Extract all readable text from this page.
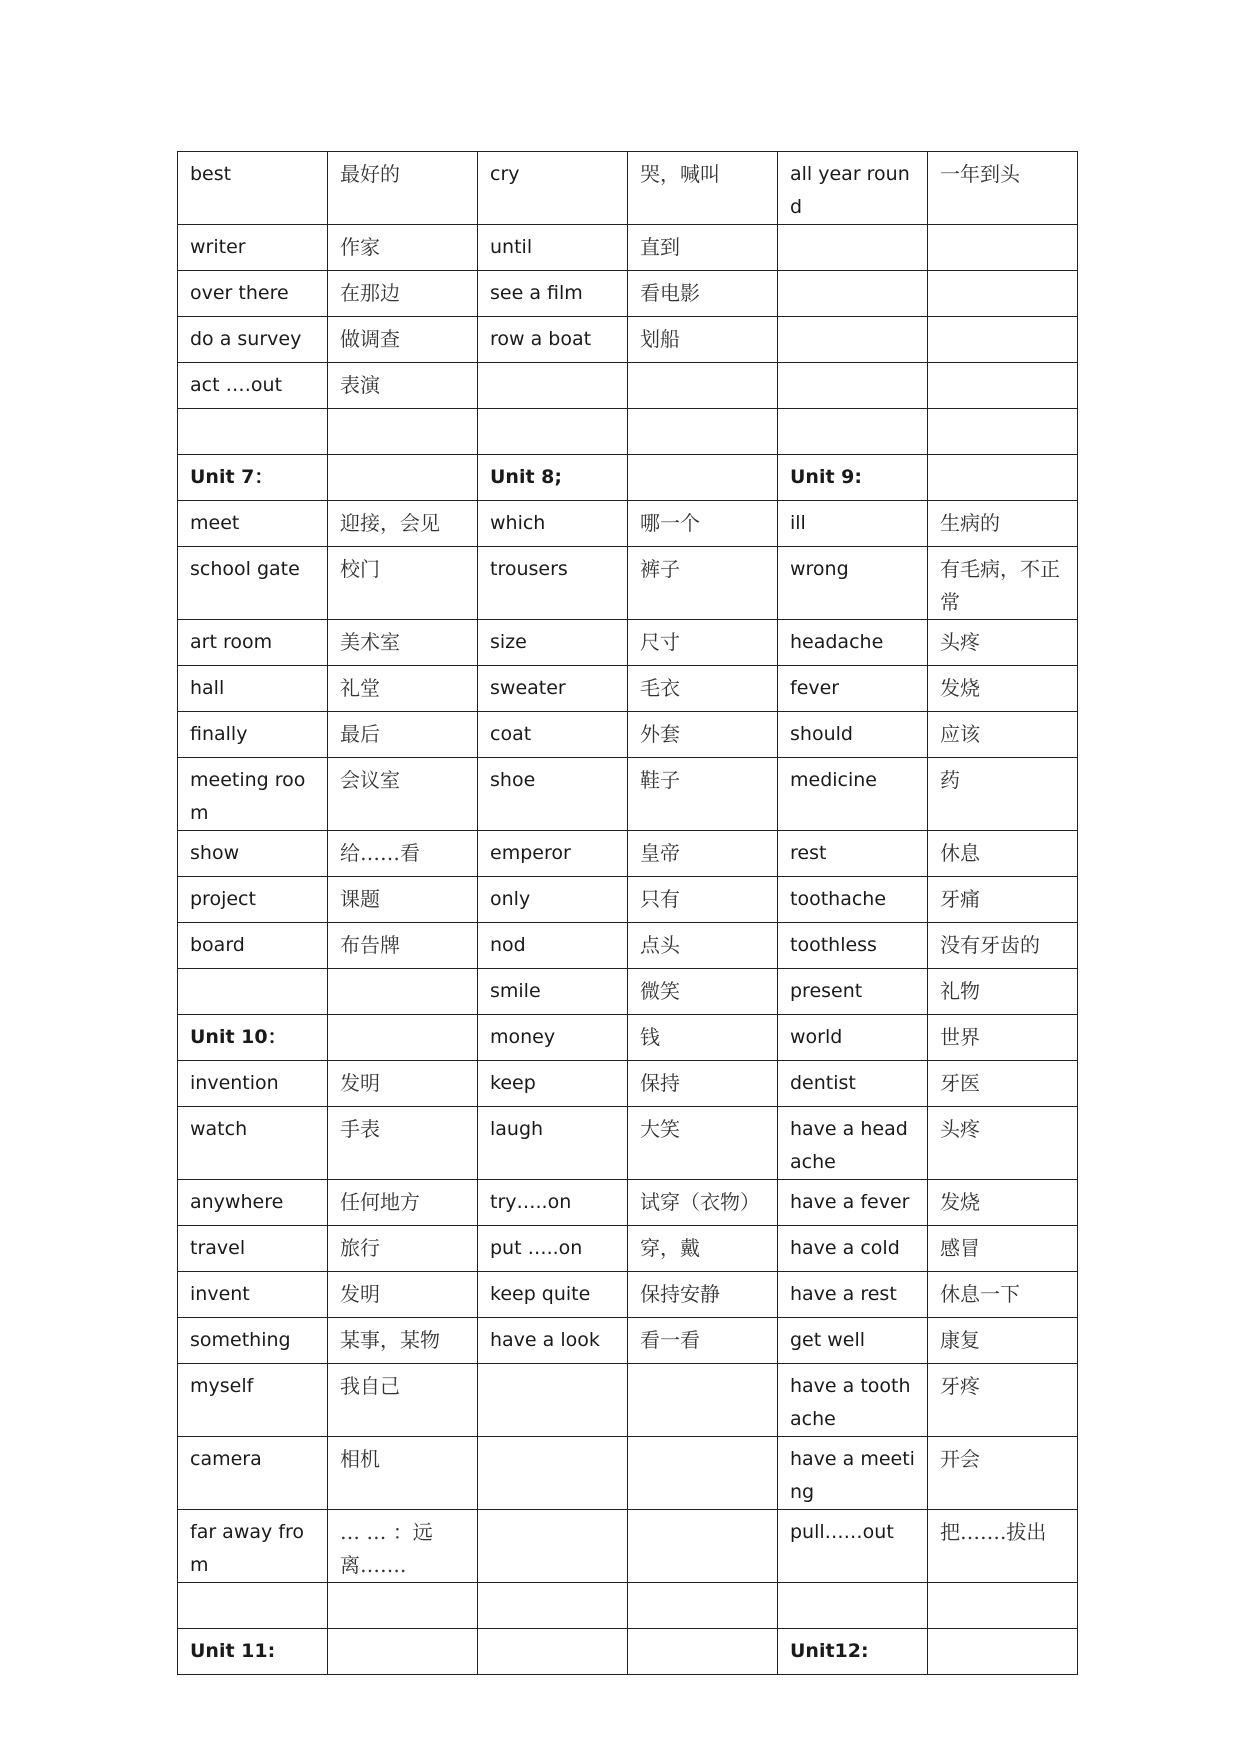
best	最好的	cry	哭，喊叫	all year round	一年到头
writer	作家	until	直到		
over there	在那边	see a film	看电影		
do a survey	做调查	row a boat	划船		
act …․out	表演				

Unit 7：		Unit 8;		Unit 9:	
meet	迎接，会见	which	哪一个	ill	生病的
school gate	校门	trousers	裤子	wrong	有毛病，不正常
art room	美术室	size	尺寸	headache	头疼
hall	礼堂	sweater	毛衣	fever	发烧
finally	最后	coat	外套	should	应该
meeting room	会议室	shoe	鞋子	medicine	药
show	给……看	emperor	皇帝	rest	休息
project	课题	only	只有	toothache	牙痛
board	布告牌	nod	点头	toothless	没有牙齿的
		smile	微笑	present	礼物
Unit 10：		money	钱	world	世界
invention	发明	keep	保持	dentist	牙医
watch	手表	laugh	大笑	have a headache	头疼
anywhere	任何地方	try…..on	试穿（衣物）	have a fever	发烧
travel	旅行	put …..on	穿，戴	have a cold	感冒
invent	发明	keep quite	保持安静	have a rest	休息一下
something	某事，某物	have a look	看一看	get well	康复
myself	我自己			have a toothache	牙疼
camera	相机			have a meeting	开会
far away from	… … ：远离…….			pull……out	把…….拔出

Unit 11:				Unit12:	
